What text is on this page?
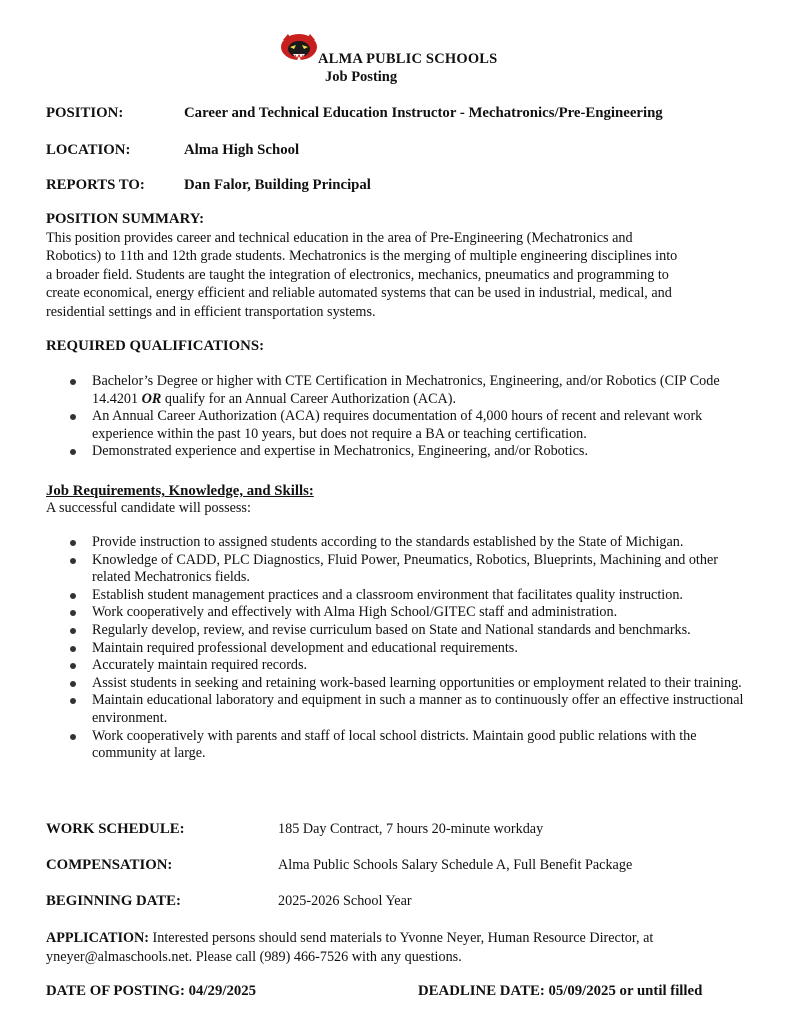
ALMA PUBLIC SCHOOLS
Job Posting
POSITION:	Career and Technical Education Instructor - Mechatronics/Pre-Engineering
LOCATION:	Alma High School
REPORTS TO:	Dan Falor, Building Principal
POSITION SUMMARY:
This position provides career and technical education in the area of Pre-Engineering (Mechatronics and
Robotics) to 11th and 12th grade students. Mechatronics is the merging of multiple engineering disciplines into
a broader field. Students are taught the integration of electronics, mechanics, pneumatics and programming to
create economical, energy efficient and reliable automated systems that can be used in industrial, medical, and
residential settings and in efficient transportation systems.
REQUIRED QUALIFICATIONS:
Bachelor’s Degree or higher with CTE Certification in Mechatronics, Engineering, and/or Robotics (CIP Code 14.4201 OR qualify for an Annual Career Authorization (ACA).
An Annual Career Authorization (ACA) requires documentation of 4,000 hours of recent and relevant work experience within the past 10 years, but does not require a BA or teaching certification.
Demonstrated experience and expertise in Mechatronics, Engineering, and/or Robotics.
Job Requirements, Knowledge, and Skills:
A successful candidate will possess:
Provide instruction to assigned students according to the standards established by the State of Michigan.
Knowledge of CADD, PLC Diagnostics, Fluid Power, Pneumatics, Robotics, Blueprints, Machining and other related Mechatronics fields.
Establish student management practices and a classroom environment that facilitates quality instruction.
Work cooperatively and effectively with Alma High School/GITEC staff and administration.
Regularly develop, review, and revise curriculum based on State and National standards and benchmarks.
Maintain required professional development and educational requirements.
Accurately maintain required records.
Assist students in seeking and retaining work-based learning opportunities or employment related to their training.
Maintain educational laboratory and equipment in such a manner as to continuously offer an effective instructional environment.
Work cooperatively with parents and staff of local school districts. Maintain good public relations with the community at large.
WORK SCHEDULE:	185 Day Contract, 7 hours 20-minute workday
COMPENSATION:	Alma Public Schools Salary Schedule A, Full Benefit Package
BEGINNING DATE:	2025-2026 School Year
APPLICATION: Interested persons should send materials to Yvonne Neyer, Human Resource Director, at
yneyer@almaschools.net. Please call (989) 466-7526 with any questions.
DATE OF POSTING: 04/29/2025	DEADLINE DATE: 05/09/2025 or until filled
